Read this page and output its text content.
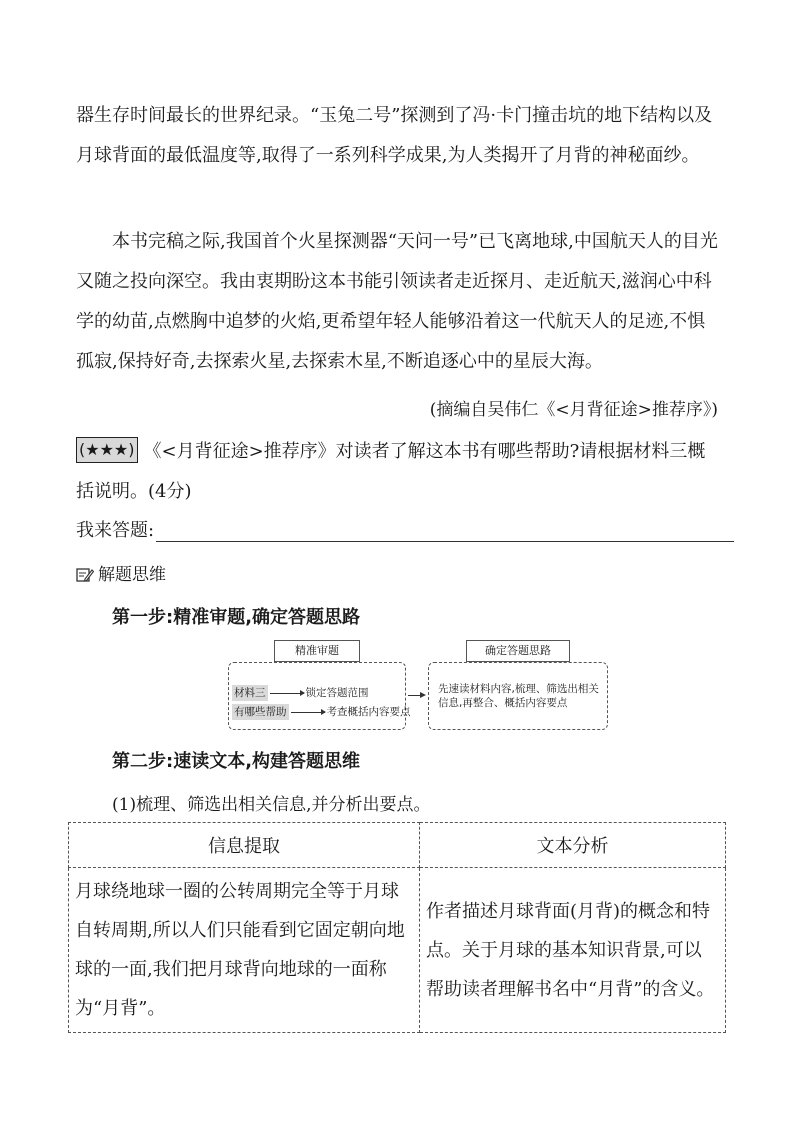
器生存时间最长的世界纪录。“玉兔二号”探测到了冯·卡门撞击坑的地下结构以及月球背面的最低温度等,取得了一系列科学成果,为人类揭开了月背的神秘面纱。

本书完稿之际,我国首个火星探测器“天问一号”已飞离地球,中国航天人的目光又随之投向深空。我由衷期盼这本书能引领读者走近探月、走近航天,滋润心中科学的幼苗,点燃胸中追梦的火焰,更希望年轻人能够沿着这一代航天人的足迹,不惧孤寂,保持好奇,去探索火星,去探索木星,不断追逐心中的星辰大海。

(摘编自吴伟仁《<月背征途>推荐序》)

(★★★) 《<月背征途>推荐序》对读者了解这本书有哪些帮助?请根据材料三概括说明。(4分)

我来答题:
解题思维
第一步:精准审题,确定答题思路
精准审题
材料三	锁定答题范围
有哪些帮助	考查概括内容要点
确定答题思路
先速读材料内容,梳理、筛选出相关信息,再整合、概括内容要点
第二步:速读文本,构建答题思维
(1)梳理、筛选出相关信息,并分析出要点。
信息提取	文本分析
月球绕地球一圈的公转周期完全等于月球自转周期,所以人们只能看到它固定朝向地球的一面,我们把月球背向地球的一面称为“月背”。	作者描述月球背面(月背)的概念和特点。关于月球的基本知识背景,可以帮助读者理解书名中“月背”的含义。
